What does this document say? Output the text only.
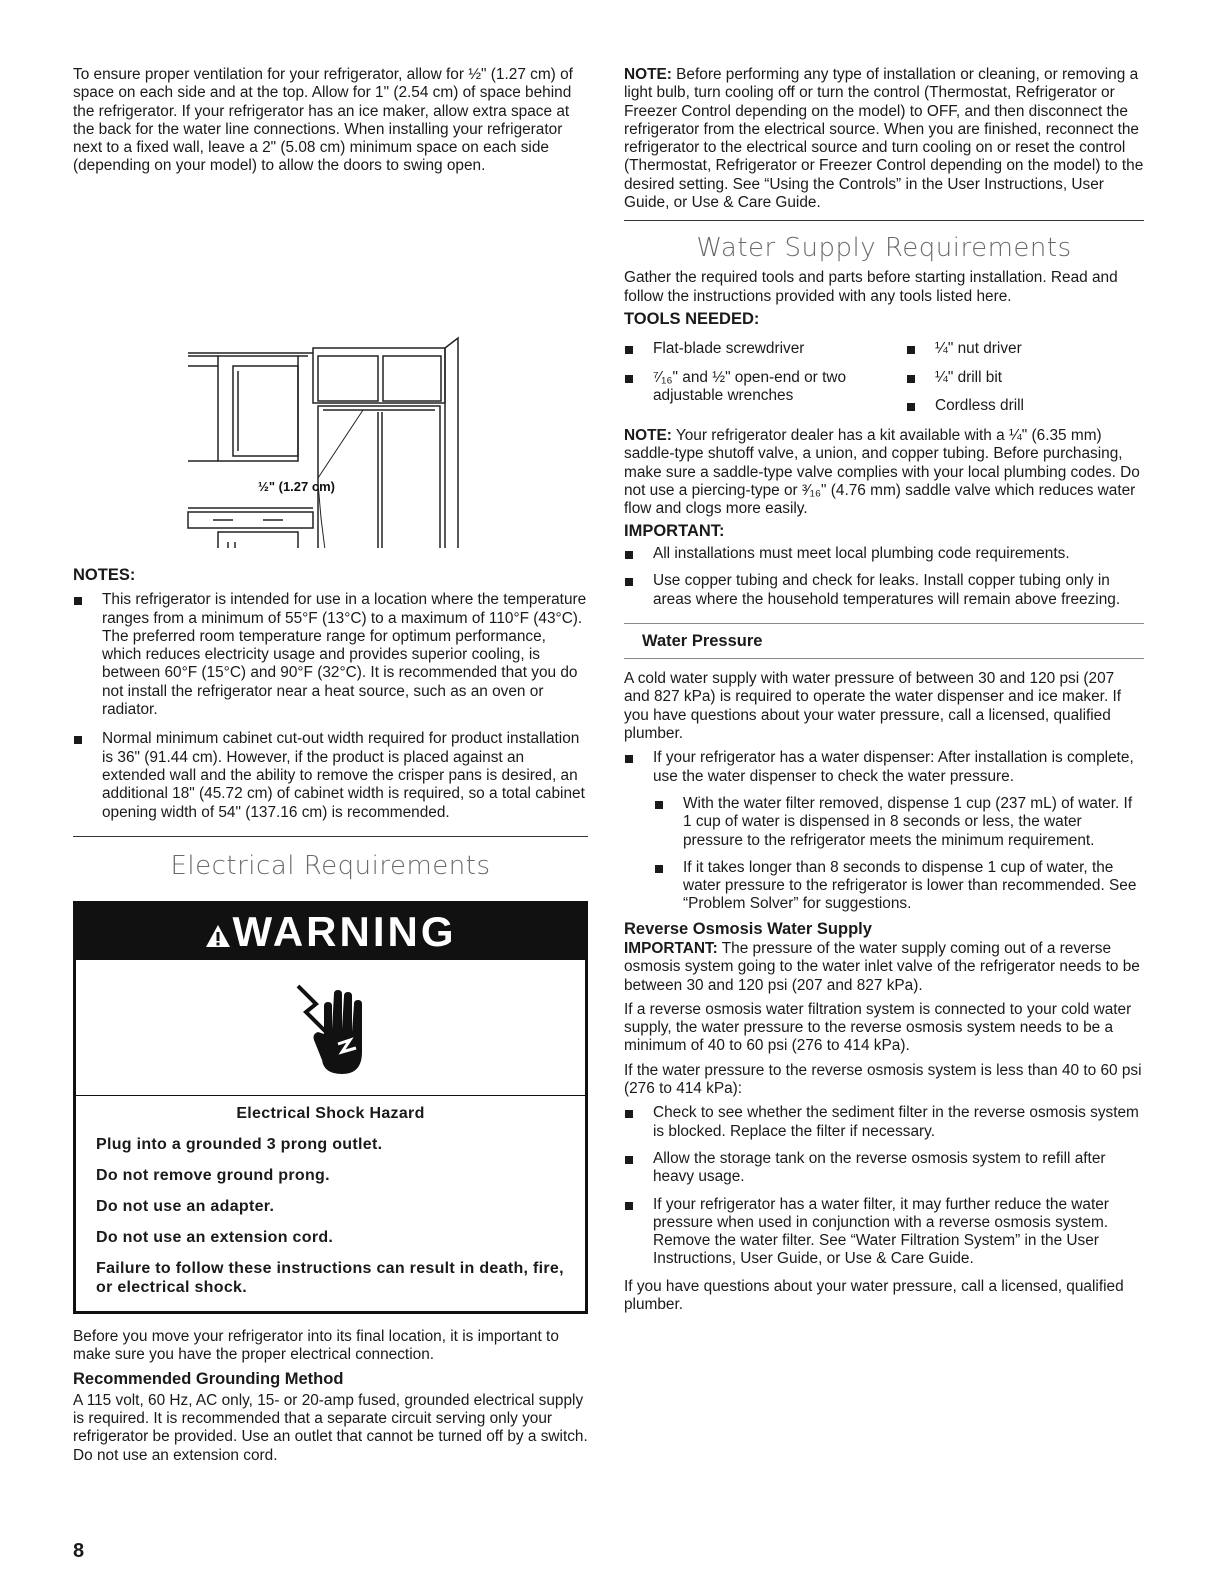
To ensure proper ventilation for your refrigerator, allow for ½" (1.27 cm) of space on each side and at the top. Allow for 1" (2.54 cm) of space behind the refrigerator. If your refrigerator has an ice maker, allow extra space at the back for the water line connections. When installing your refrigerator next to a fixed wall, leave a 2" (5.08 cm) minimum space on each side (depending on your model) to allow the doors to swing open.

½" (1.27 cm)

NOTES:

This refrigerator is intended for use in a location where the temperature ranges from a minimum of 55°F (13°C) to a maximum of 110°F (43°C). The preferred room temperature range for optimum performance, which reduces electricity usage and provides superior cooling, is between 60°F (15°C) and 90°F (32°C). It is recommended that you do not install the refrigerator near a heat source, such as an oven or radiator.
Normal minimum cabinet cut-out width required for product installation is 36" (91.44 cm). However, if the product is placed against an extended wall and the ability to remove the crisper pans is desired, an additional 18" (45.72 cm) of cabinet width is required, so a total cabinet opening width of 54" (137.16 cm) is recommended.
Electrical Requirements
WARNING

Electrical Shock Hazard

Plug into a grounded 3 prong outlet.

Do not remove ground prong.

Do not use an adapter.

Do not use an extension cord.

Failure to follow these instructions can result in death, fire, or electrical shock.

Before you move your refrigerator into its final location, it is important to make sure you have the proper electrical connection.

Recommended Grounding Method

A 115 volt, 60 Hz, AC only, 15- or 20-amp fused, grounded electrical supply is required. It is recommended that a separate circuit serving only your refrigerator be provided. Use an outlet that cannot be turned off by a switch. Do not use an extension cord.

NOTE: Before performing any type of installation or cleaning, or removing a light bulb, turn cooling off or turn the control (Thermostat, Refrigerator or Freezer Control depending on the model) to OFF, and then disconnect the refrigerator from the electrical source. When you are finished, reconnect the refrigerator to the electrical source and turn cooling on or reset the control (Thermostat, Refrigerator or Freezer Control depending on the model) to the desired setting. See “Using the Controls” in the User Instructions, User Guide, or Use & Care Guide.

Water Supply Requirements

Gather the required tools and parts before starting installation. Read and follow the instructions provided with any tools listed here.

TOOLS NEEDED:

Flat-blade screwdriver
⁷⁄₁₆" and ½" open-end or two adjustable wrenches
¼" nut driver
¼" drill bit
Cordless drill

NOTE: Your refrigerator dealer has a kit available with a ¼" (6.35 mm) saddle-type shutoff valve, a union, and copper tubing. Before purchasing, make sure a saddle-type valve complies with your local plumbing codes. Do not use a piercing-type or ³⁄₁₆" (4.76 mm) saddle valve which reduces water flow and clogs more easily.

IMPORTANT:

All installations must meet local plumbing code requirements.
Use copper tubing and check for leaks. Install copper tubing only in areas where the household temperatures will remain above freezing.

Water Pressure

A cold water supply with water pressure of between 30 and 120 psi (207 and 827 kPa) is required to operate the water dispenser and ice maker. If you have questions about your water pressure, call a licensed, qualified plumber.

If your refrigerator has a water dispenser: After installation is complete, use the water dispenser to check the water pressure.
With the water filter removed, dispense 1 cup (237 mL) of water. If 1 cup of water is dispensed in 8 seconds or less, the water pressure to the refrigerator meets the minimum requirement.
If it takes longer than 8 seconds to dispense 1 cup of water, the water pressure to the refrigerator is lower than recommended. See “Problem Solver” for suggestions.

Reverse Osmosis Water Supply

IMPORTANT: The pressure of the water supply coming out of a reverse osmosis system going to the water inlet valve of the refrigerator needs to be between 30 and 120 psi (207 and 827 kPa).

If a reverse osmosis water filtration system is connected to your cold water supply, the water pressure to the reverse osmosis system needs to be a minimum of 40 to 60 psi (276 to 414 kPa).

If the water pressure to the reverse osmosis system is less than 40 to 60 psi (276 to 414 kPa):

Check to see whether the sediment filter in the reverse osmosis system is blocked. Replace the filter if necessary.
Allow the storage tank on the reverse osmosis system to refill after heavy usage.
If your refrigerator has a water filter, it may further reduce the water pressure when used in conjunction with a reverse osmosis system. Remove the water filter. See “Water Filtration System” in the User Instructions, User Guide, or Use & Care Guide.

If you have questions about your water pressure, call a licensed, qualified plumber.

8
